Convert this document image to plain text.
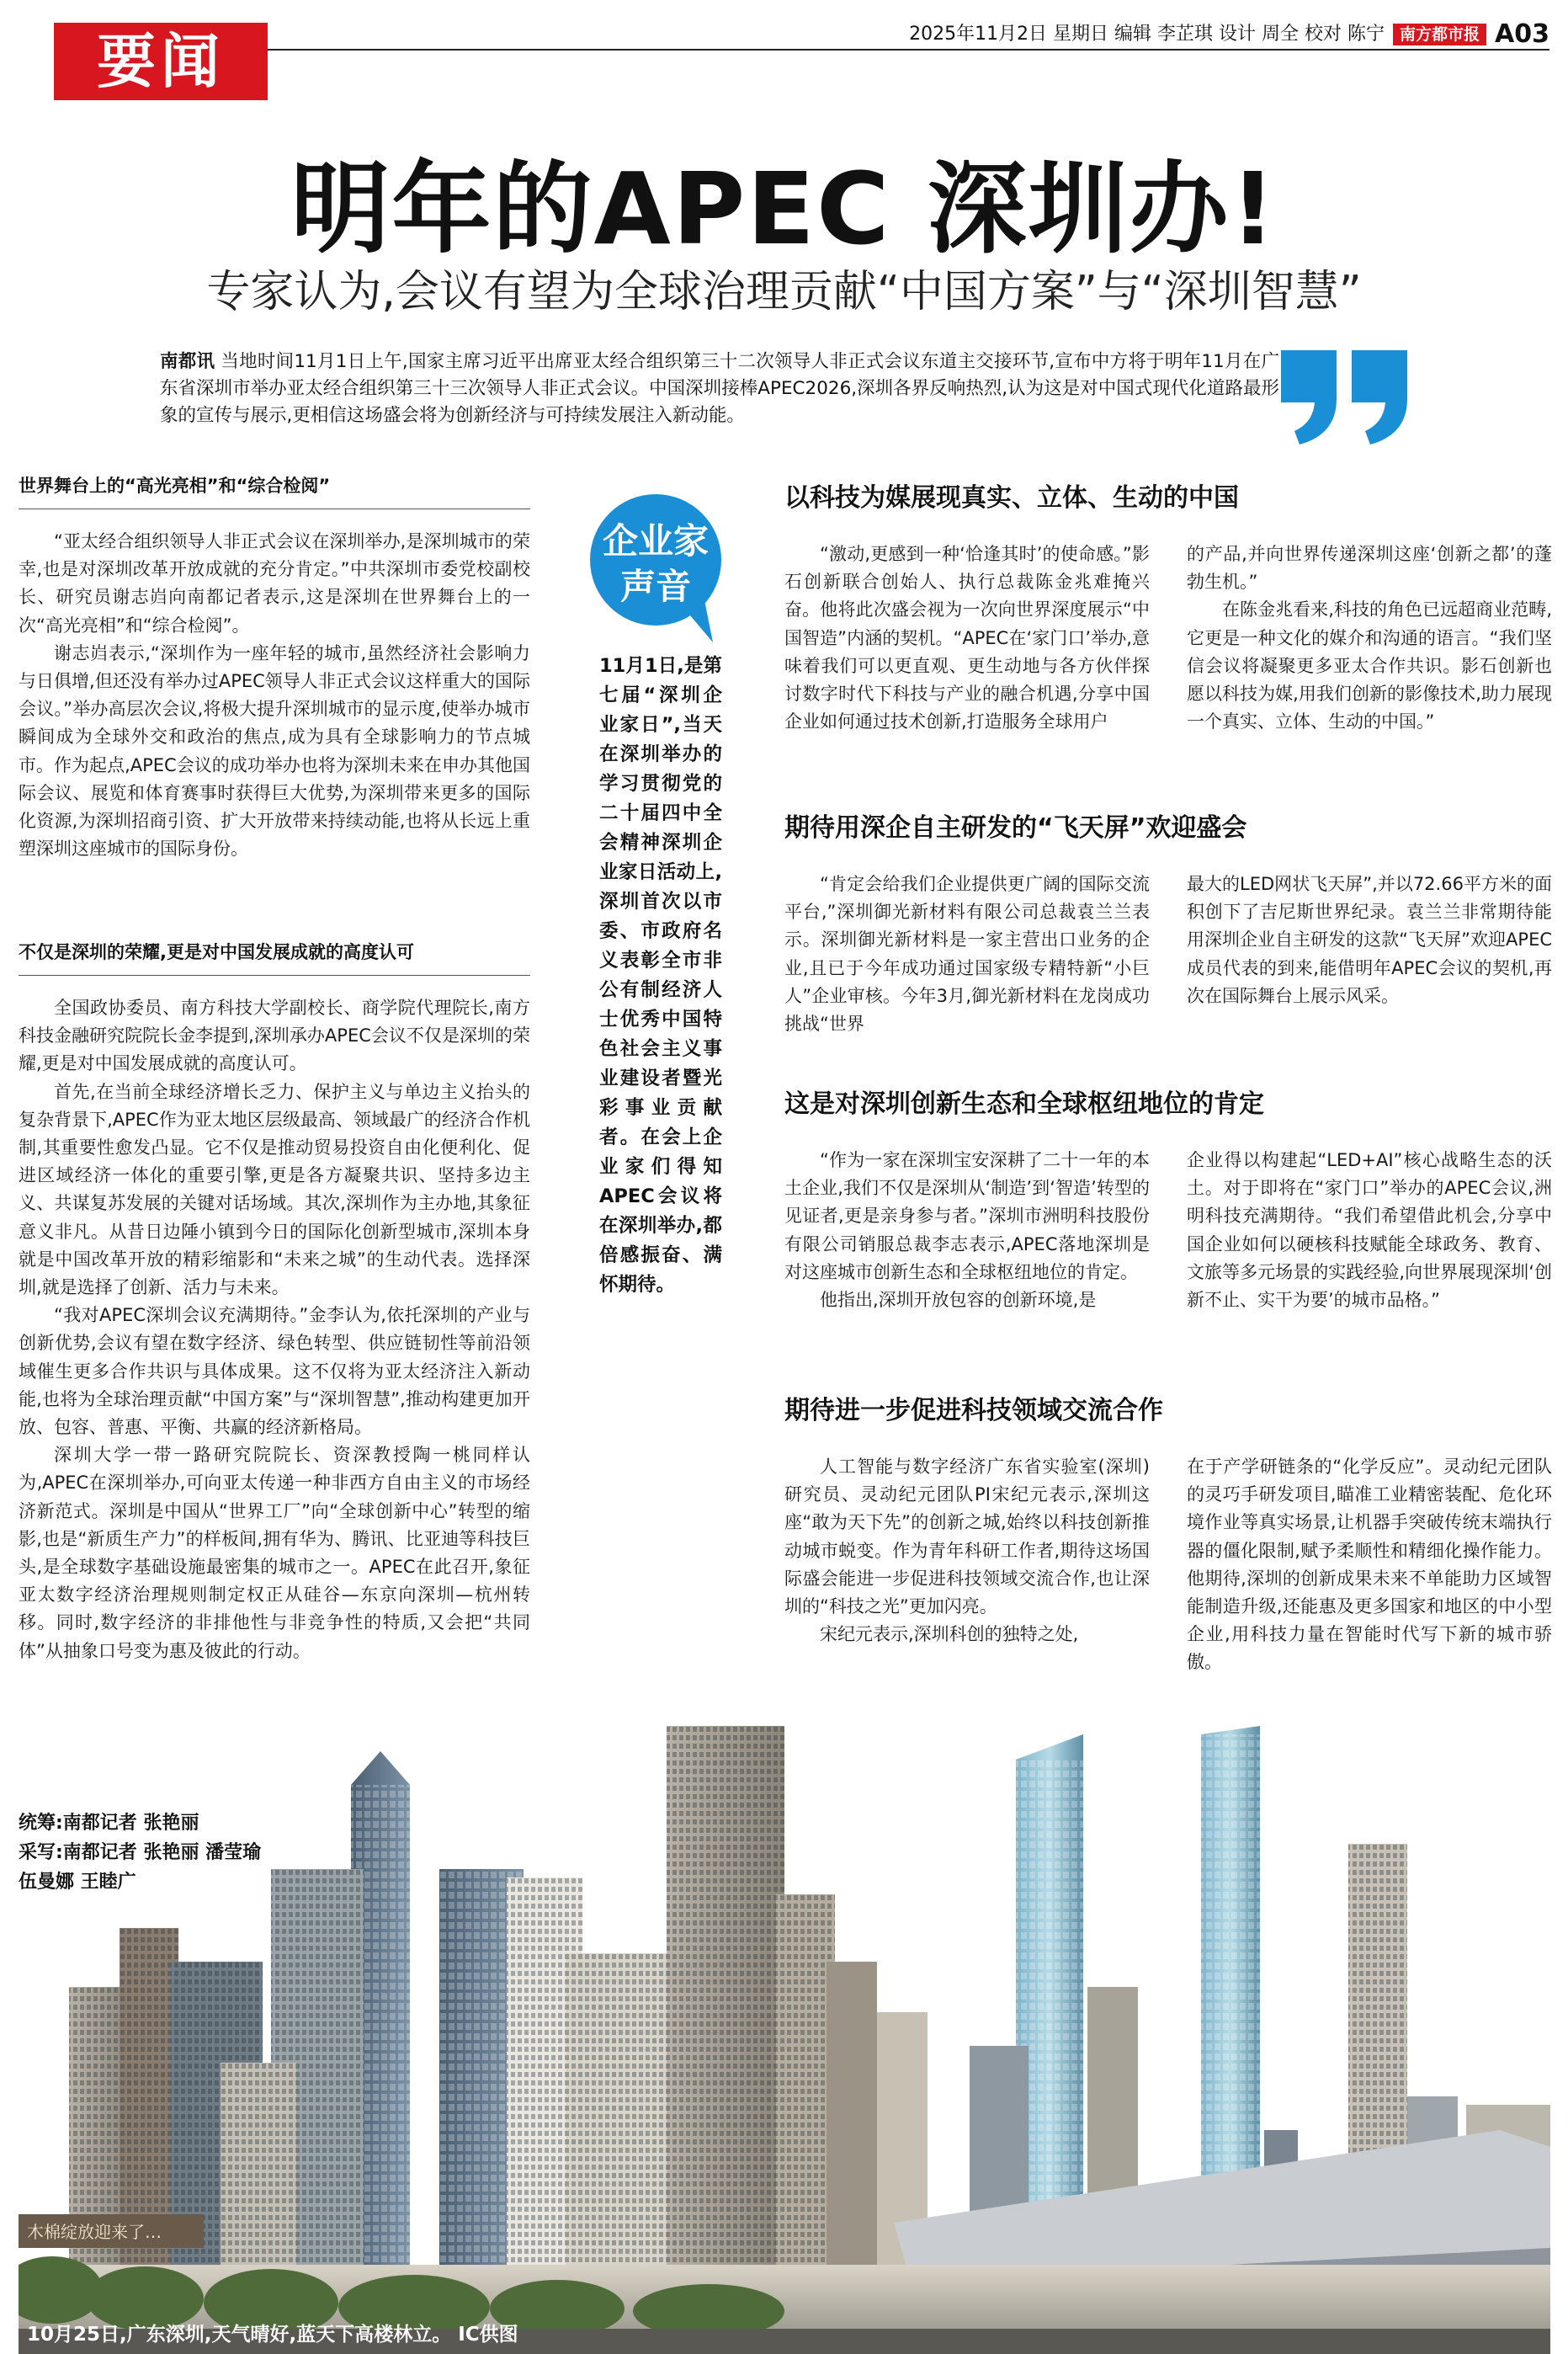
要闻	2025年11月2日 星期日 编辑 李芷琪 设计 周全 校对 陈宁 南方都市报 A03
明年的APEC 深圳办!
专家认为,会议有望为全球治理贡献“中国方案”与“深圳智慧”
南都讯 当地时间11月1日上午,国家主席习近平出席亚太经合组织第三十二次领导人非正式会议东道主交接环节,宣布中方将于明年11月在广东省深圳市举办亚太经合组织第三十三次领导人非正式会议。中国深圳接棒APEC2026,深圳各界反响热烈,认为这是对中国式现代化道路最形象的宣传与展示,更相信这场盛会将为创新经济与可持续发展注入新动能。
世界舞台上的“高光亮相”和“综合检阅”

“亚太经合组织领导人非正式会议在深圳举办,是深圳城市的荣幸,也是对深圳改革开放成就的充分肯定。”中共深圳市委党校副校长、研究员谢志岿向南都记者表示,这是深圳在世界舞台上的一次“高光亮相”和“综合检阅”。

谢志岿表示,“深圳作为一座年轻的城市,虽然经济社会影响力与日俱增,但还没有举办过APEC领导人非正式会议这样重大的国际会议。”举办高层次会议,将极大提升深圳城市的显示度,使举办城市瞬间成为全球外交和政治的焦点,成为具有全球影响力的节点城市。作为起点,APEC会议的成功举办也将为深圳未来在申办其他国际会议、展览和体育赛事时获得巨大优势,为深圳带来更多的国际化资源,为深圳招商引资、扩大开放带来持续动能,也将从长远上重塑深圳这座城市的国际身份。

不仅是深圳的荣耀,更是对中国发展成就的高度认可

全国政协委员、南方科技大学副校长、商学院代理院长,南方科技金融研究院院长金李提到,深圳承办APEC会议不仅是深圳的荣耀,更是对中国发展成就的高度认可。

首先,在当前全球经济增长乏力、保护主义与单边主义抬头的复杂背景下,APEC作为亚太地区层级最高、领域最广的经济合作机制,其重要性愈发凸显。它不仅是推动贸易投资自由化便利化、促进区域经济一体化的重要引擎,更是各方凝聚共识、坚持多边主义、共谋复苏发展的关键对话场域。其次,深圳作为主办地,其象征意义非凡。从昔日边陲小镇到今日的国际化创新型城市,深圳本身就是中国改革开放的精彩缩影和“未来之城”的生动代表。选择深圳,就是选择了创新、活力与未来。

“我对APEC深圳会议充满期待。”金李认为,依托深圳的产业与创新优势,会议有望在数字经济、绿色转型、供应链韧性等前沿领域催生更多合作共识与具体成果。这不仅将为亚太经济注入新动能,也将为全球治理贡献“中国方案”与“深圳智慧”,推动构建更加开放、包容、普惠、平衡、共赢的经济新格局。

深圳大学一带一路研究院院长、资深教授陶一桃同样认为,APEC在深圳举办,可向亚太传递一种非西方自由主义的市场经济新范式。深圳是中国从“世界工厂”向“全球创新中心”转型的缩影,也是“新质生产力”的样板间,拥有华为、腾讯、比亚迪等科技巨头,是全球数字基础设施最密集的城市之一。APEC在此召开,象征亚太数字经济治理规则制定权正从硅谷—东京向深圳—杭州转移。同时,数字经济的非排他性与非竞争性的特质,又会把“共同体”从抽象口号变为惠及彼此的行动。

企业家
声音
11月1日,是第七届“深圳企业家日”,当天在深圳举办的学习贯彻党的二十届四中全会精神深圳企业家日活动上,深圳首次以市委、市政府名义表彰全市非公有制经济人士优秀中国特色社会主义事业建设者暨光彩事业贡献者。在会上企业家们得知APEC会议将在深圳举办,都倍感振奋、满怀期待。
以科技为媒展现真实、立体、生动的中国

“激动,更感到一种‘恰逢其时’的使命感。”影石创新联合创始人、执行总裁陈金兆难掩兴奋。他将此次盛会视为一次向世界深度展示“中国智造”内涵的契机。“APEC在‘家门口’举办,意味着我们可以更直观、更生动地与各方伙伴探讨数字时代下科技与产业的融合机遇,分享中国企业如何通过技术创新,打造服务全球用户

的产品,并向世界传递深圳这座‘创新之都’的蓬勃生机。”

在陈金兆看来,科技的角色已远超商业范畴,它更是一种文化的媒介和沟通的语言。“我们坚信会议将凝聚更多亚太合作共识。影石创新也愿以科技为媒,用我们创新的影像技术,助力展现一个真实、立体、生动的中国。”

期待用深企自主研发的“飞天屏”欢迎盛会

“肯定会给我们企业提供更广阔的国际交流平台,”深圳御光新材料有限公司总裁袁兰兰表示。深圳御光新材料是一家主营出口业务的企业,且已于今年成功通过国家级专精特新“小巨人”企业审核。今年3月,御光新材料在龙岗成功挑战“世界

最大的LED网状飞天屏”,并以72.66平方米的面积创下了吉尼斯世界纪录。袁兰兰非常期待能用深圳企业自主研发的这款“飞天屏”欢迎APEC成员代表的到来,能借明年APEC会议的契机,再次在国际舞台上展示风采。

这是对深圳创新生态和全球枢纽地位的肯定

“作为一家在深圳宝安深耕了二十一年的本土企业,我们不仅是深圳从‘制造’到‘智造’转型的见证者,更是亲身参与者。”深圳市洲明科技股份有限公司销服总裁李志表示,APEC落地深圳是对这座城市创新生态和全球枢纽地位的肯定。

他指出,深圳开放包容的创新环境,是

企业得以构建起“LED+AI”核心战略生态的沃土。对于即将在“家门口”举办的APEC会议,洲明科技充满期待。“我们希望借此机会,分享中国企业如何以硬核科技赋能全球政务、教育、文旅等多元场景的实践经验,向世界展现深圳‘创新不止、实干为要’的城市品格。”

期待进一步促进科技领域交流合作

人工智能与数字经济广东省实验室(深圳)研究员、灵动纪元团队PI宋纪元表示,深圳这座“敢为天下先”的创新之城,始终以科技创新推动城市蜕变。作为青年科研工作者,期待这场国际盛会能进一步促进科技领域交流合作,也让深圳的“科技之光”更加闪亮。

宋纪元表示,深圳科创的独特之处,

在于产学研链条的“化学反应”。灵动纪元团队的灵巧手研发项目,瞄准工业精密装配、危化环境作业等真实场景,让机器手突破传统末端执行器的僵化限制,赋予柔顺性和精细化操作能力。他期待,深圳的创新成果未来不单能助力区域智能制造升级,还能惠及更多国家和地区的中小型企业,用科技力量在智能时代写下新的城市骄傲。

木棉绽放迎来了…
10月25日,广东深圳,天气晴好,蓝天下高楼林立。 IC供图
统筹:南都记者 张艳丽
采写:南都记者 张艳丽 潘莹瑜
伍曼娜 王睦广
